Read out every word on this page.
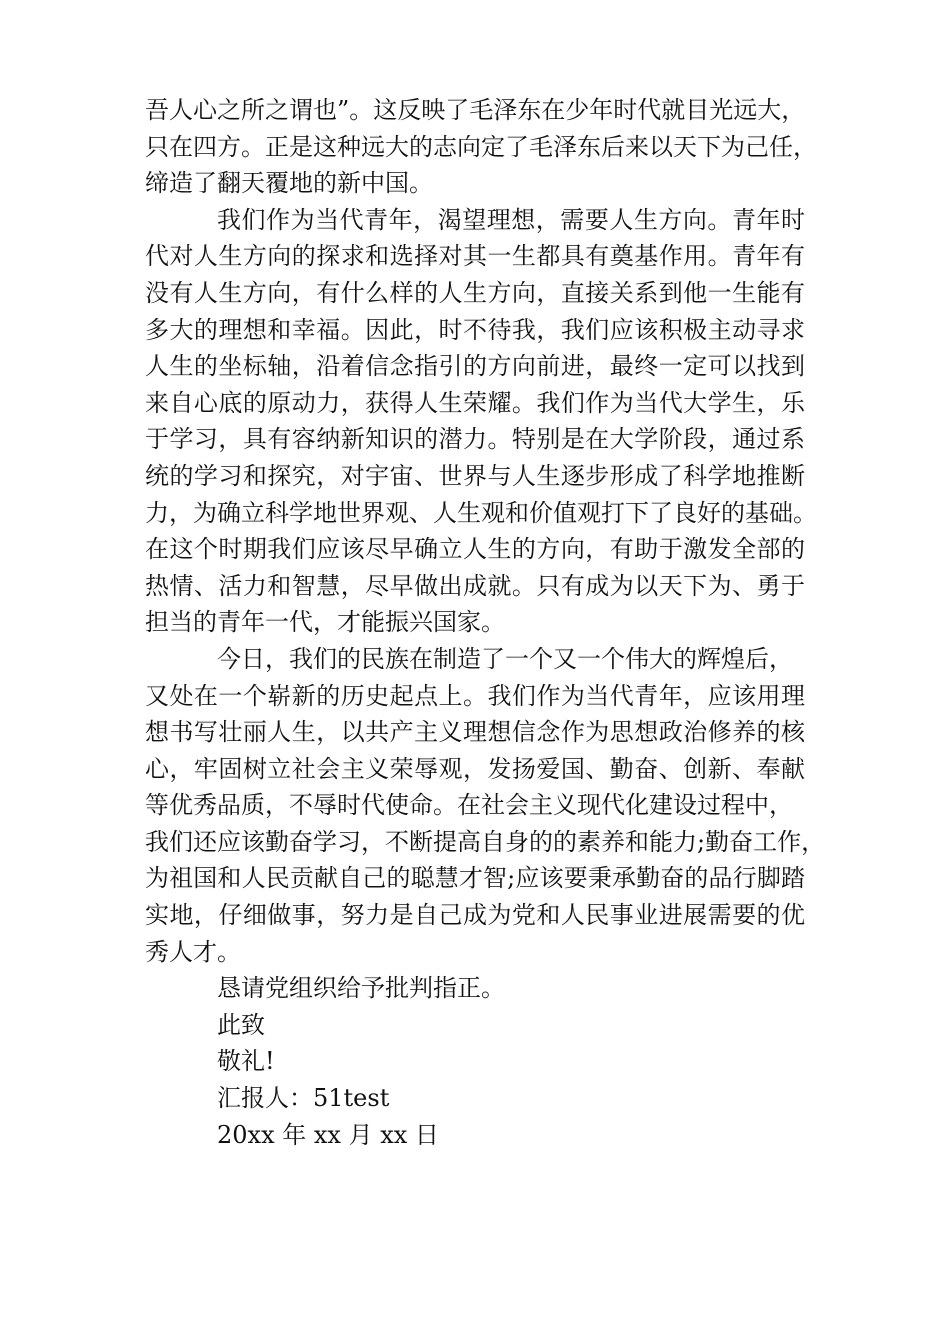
吾人心之所之谓也”。这反映了毛泽东在少年时代就目光远大，
只在四方。正是这种远大的志向定了毛泽东后来以天下为己任，
缔造了翻天覆地的新中国。
我们作为当代青年，渴望理想，需要人生方向。青年时
代对人生方向的探求和选择对其一生都具有奠基作用。青年有
没有人生方向，有什么样的人生方向，直接关系到他一生能有
多大的理想和幸福。因此，时不待我，我们应该积极主动寻求
人生的坐标轴，沿着信念指引的方向前进，最终一定可以找到
来自心底的原动力，获得人生荣耀。我们作为当代大学生，乐
于学习，具有容纳新知识的潜力。特别是在大学阶段，通过系
统的学习和探究，对宇宙、世界与人生逐步形成了科学地推断
力，为确立科学地世界观、人生观和价值观打下了良好的基础。
在这个时期我们应该尽早确立人生的方向，有助于激发全部的
热情、活力和智慧，尽早做出成就。只有成为以天下为、勇于
担当的青年一代，才能振兴国家。
今日，我们的民族在制造了一个又一个伟大的辉煌后，
又处在一个崭新的历史起点上。我们作为当代青年，应该用理
想书写壮丽人生，以共产主义理想信念作为思想政治修养的核
心，牢固树立社会主义荣辱观，发扬爱国、勤奋、创新、奉献
等优秀品质，不辱时代使命。在社会主义现代化建设过程中，
我们还应该勤奋学习，不断提高自身的的素养和能力;勤奋工作，
为祖国和人民贡献自己的聪慧才智;应该要秉承勤奋的品行脚踏
实地，仔细做事，努力是自己成为党和人民事业进展需要的优
秀人才。
恳请党组织给予批判指正。
此致
敬礼!
汇报人：51test
20xx 年 xx 月 xx 日
